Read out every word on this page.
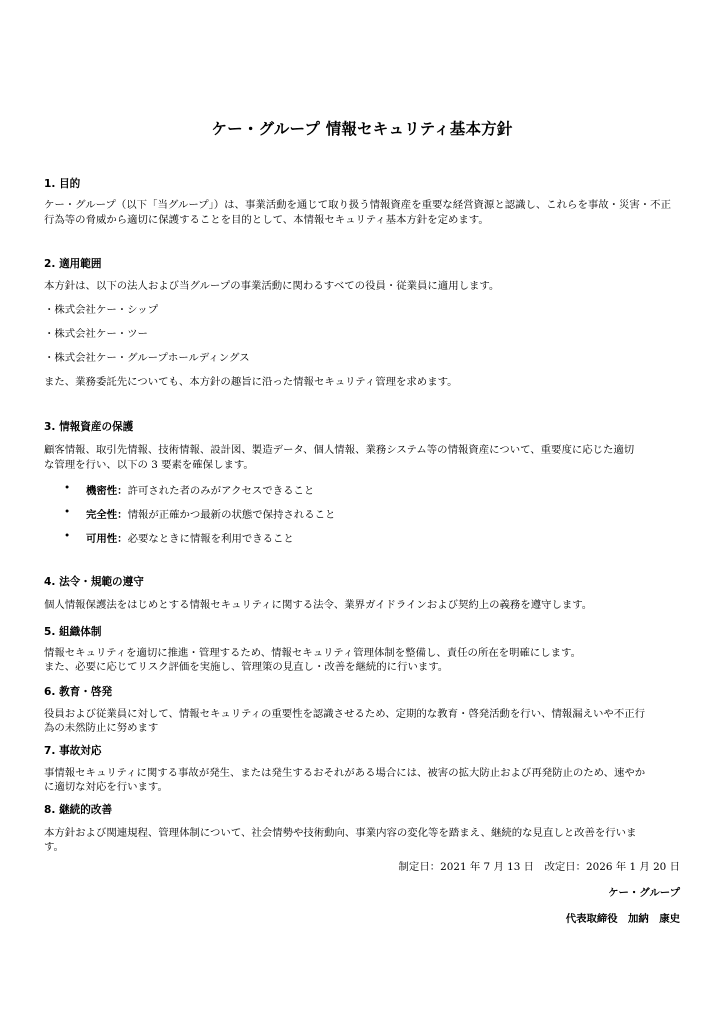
ケー・グループ 情報セキュリティ基本方針
1. 目的
ケー・グループ（以下「当グループ」）は、事業活動を通じて取り扱う情報資産を重要な経営資源と認識し、これらを事故・災害・不正
行為等の脅威から適切に保護することを目的として、本情報セキュリティ基本方針を定めます。
2. 適用範囲
本方針は、以下の法人および当グループの事業活動に関わるすべての役員・従業員に適用します。
・株式会社ケー・シップ
・株式会社ケー・ツー
・株式会社ケー・グループホールディングス
また、業務委託先についても、本方針の趣旨に沿った情報セキュリティ管理を求めます。
3. 情報資産の保護
顧客情報、取引先情報、技術情報、設計図、製造データ、個人情報、業務システム等の情報資産について、重要度に応じた適切
な管理を行い、以下の 3 要素を確保します。
• 機密性：許可された者のみがアクセスできること
• 完全性：情報が正確かつ最新の状態で保持されること
• 可用性：必要なときに情報を利用できること
4. 法令・規範の遵守
個人情報保護法をはじめとする情報セキュリティに関する法令、業界ガイドラインおよび契約上の義務を遵守します。
5. 組織体制
情報セキュリティを適切に推進・管理するため、情報セキュリティ管理体制を整備し、責任の所在を明確にします。
また、必要に応じてリスク評価を実施し、管理策の見直し・改善を継続的に行います。
6. 教育・啓発
役員および従業員に対して、情報セキュリティの重要性を認識させるため、定期的な教育・啓発活動を行い、情報漏えいや不正行
為の未然防止に努めます
7. 事故対応
事情報セキュリティに関する事故が発生、または発生するおそれがある場合には、被害の拡大防止および再発防止のため、速やか
に適切な対応を行います。
8. 継続的改善
本方針および関連規程、管理体制について、社会情勢や技術動向、事業内容の変化等を踏まえ、継続的な見直しと改善を行いま
す。
制定日：2021 年 7 月 13 日　改定日：2026 年 1 月 20 日
ケー・グループ
代表取締役　加納　康史
